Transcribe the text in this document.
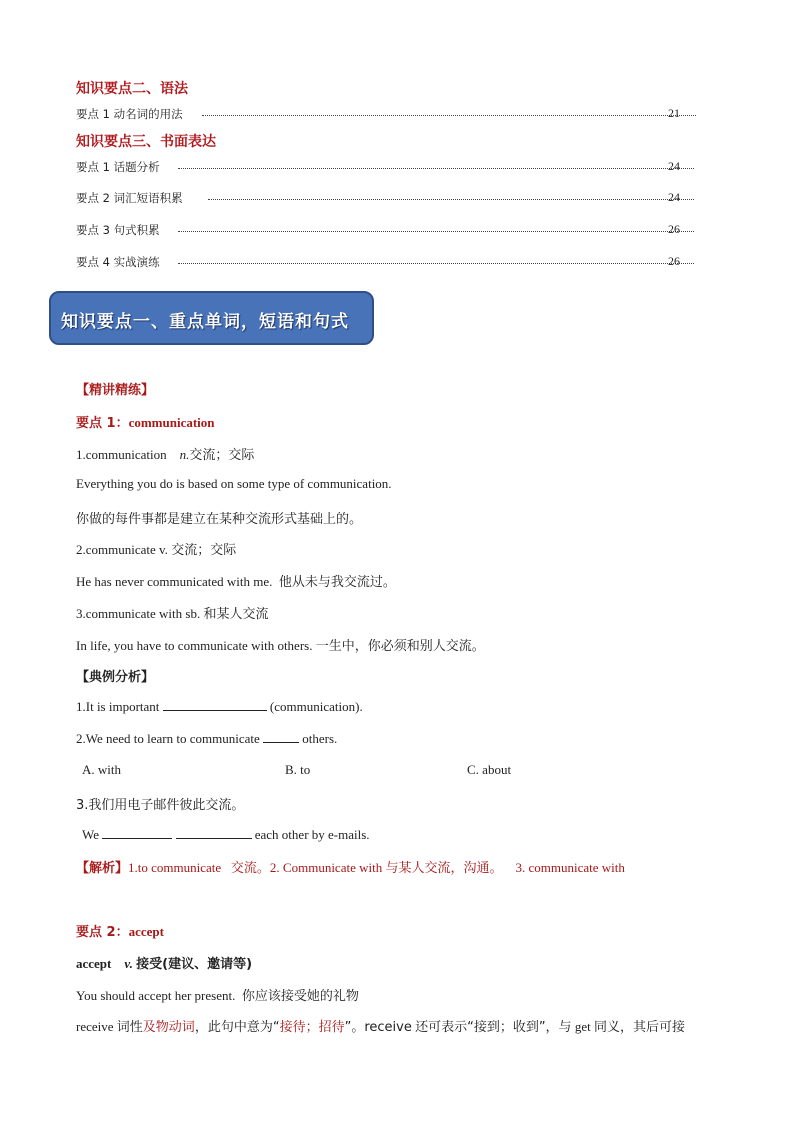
知识要点二、语法
要点 1 动名词的用法	21
知识要点三、书面表达
要点 1 话题分析	24
要点 2 词汇短语积累	24
要点 3 句式积累	26
要点 4 实战演练	26
知识要点一、重点单词，短语和句式
【精讲精练】
要点 1：communication
1.communication n.交流；交际
Everything you do is based on some type of communication.
你做的每件事都是建立在某种交流形式基础上的。
2.communicate v. 交流；交际
He has never communicated with me. 他从未与我交流过。
3.communicate with sb. 和某人交流
In life, you have to communicate with others. 一生中，你必须和别人交流。
【典例分析】
1.It is important	(communication).
2.We need to learn to communicate	others.
A. with	B. to	C. about
3.我们用电子邮件彼此交流。
We	each other by e-mails.
【解析】1.to communicate 交流。2. Communicate with 与某人交流，沟通。 3. communicate with
要点 2：accept
accept v. 接受(建议、邀请等)
You should accept her present. 你应该接受她的礼物
receive 词性及物动词，此句中意为“接待；招待”。receive 还可表示“接到；收到”，与 get 同义，其后可接
